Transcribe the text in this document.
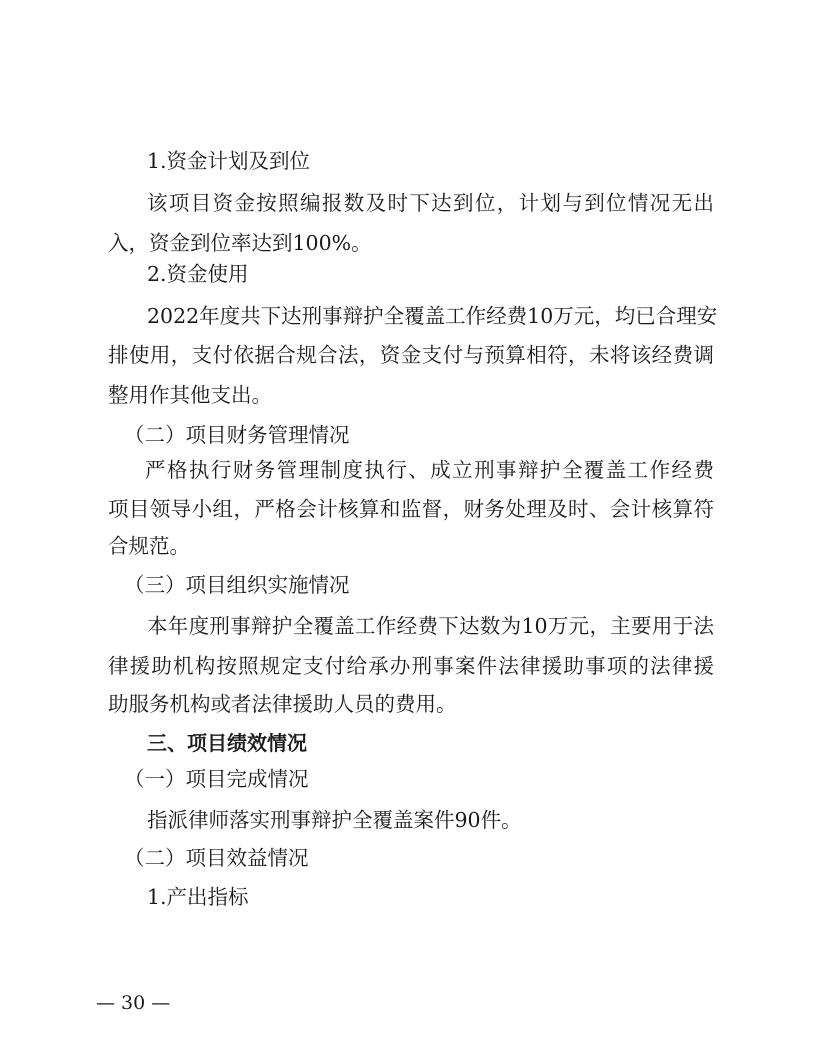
1.资金计划及到位

该项目资金按照编报数及时下达到位，计划与到位情况无出

入，资金到位率达到100%。

2.资金使用

2022年度共下达刑事辩护全覆盖工作经费10万元，均已合理安

排使用，支付依据合规合法，资金支付与预算相符，未将该经费调

整用作其他支出。

（二）项目财务管理情况

严格执行财务管理制度执行、成立刑事辩护全覆盖工作经费

项目领导小组，严格会计核算和监督，财务处理及时、会计核算符

合规范。

（三）项目组织实施情况

本年度刑事辩护全覆盖工作经费下达数为10万元，主要用于法

律援助机构按照规定支付给承办刑事案件法律援助事项的法律援

助服务机构或者法律援助人员的费用。

三、项目绩效情况

（一）项目完成情况

指派律师落实刑事辩护全覆盖案件90件。

（二）项目效益情况

1.产出指标

— 30 —
